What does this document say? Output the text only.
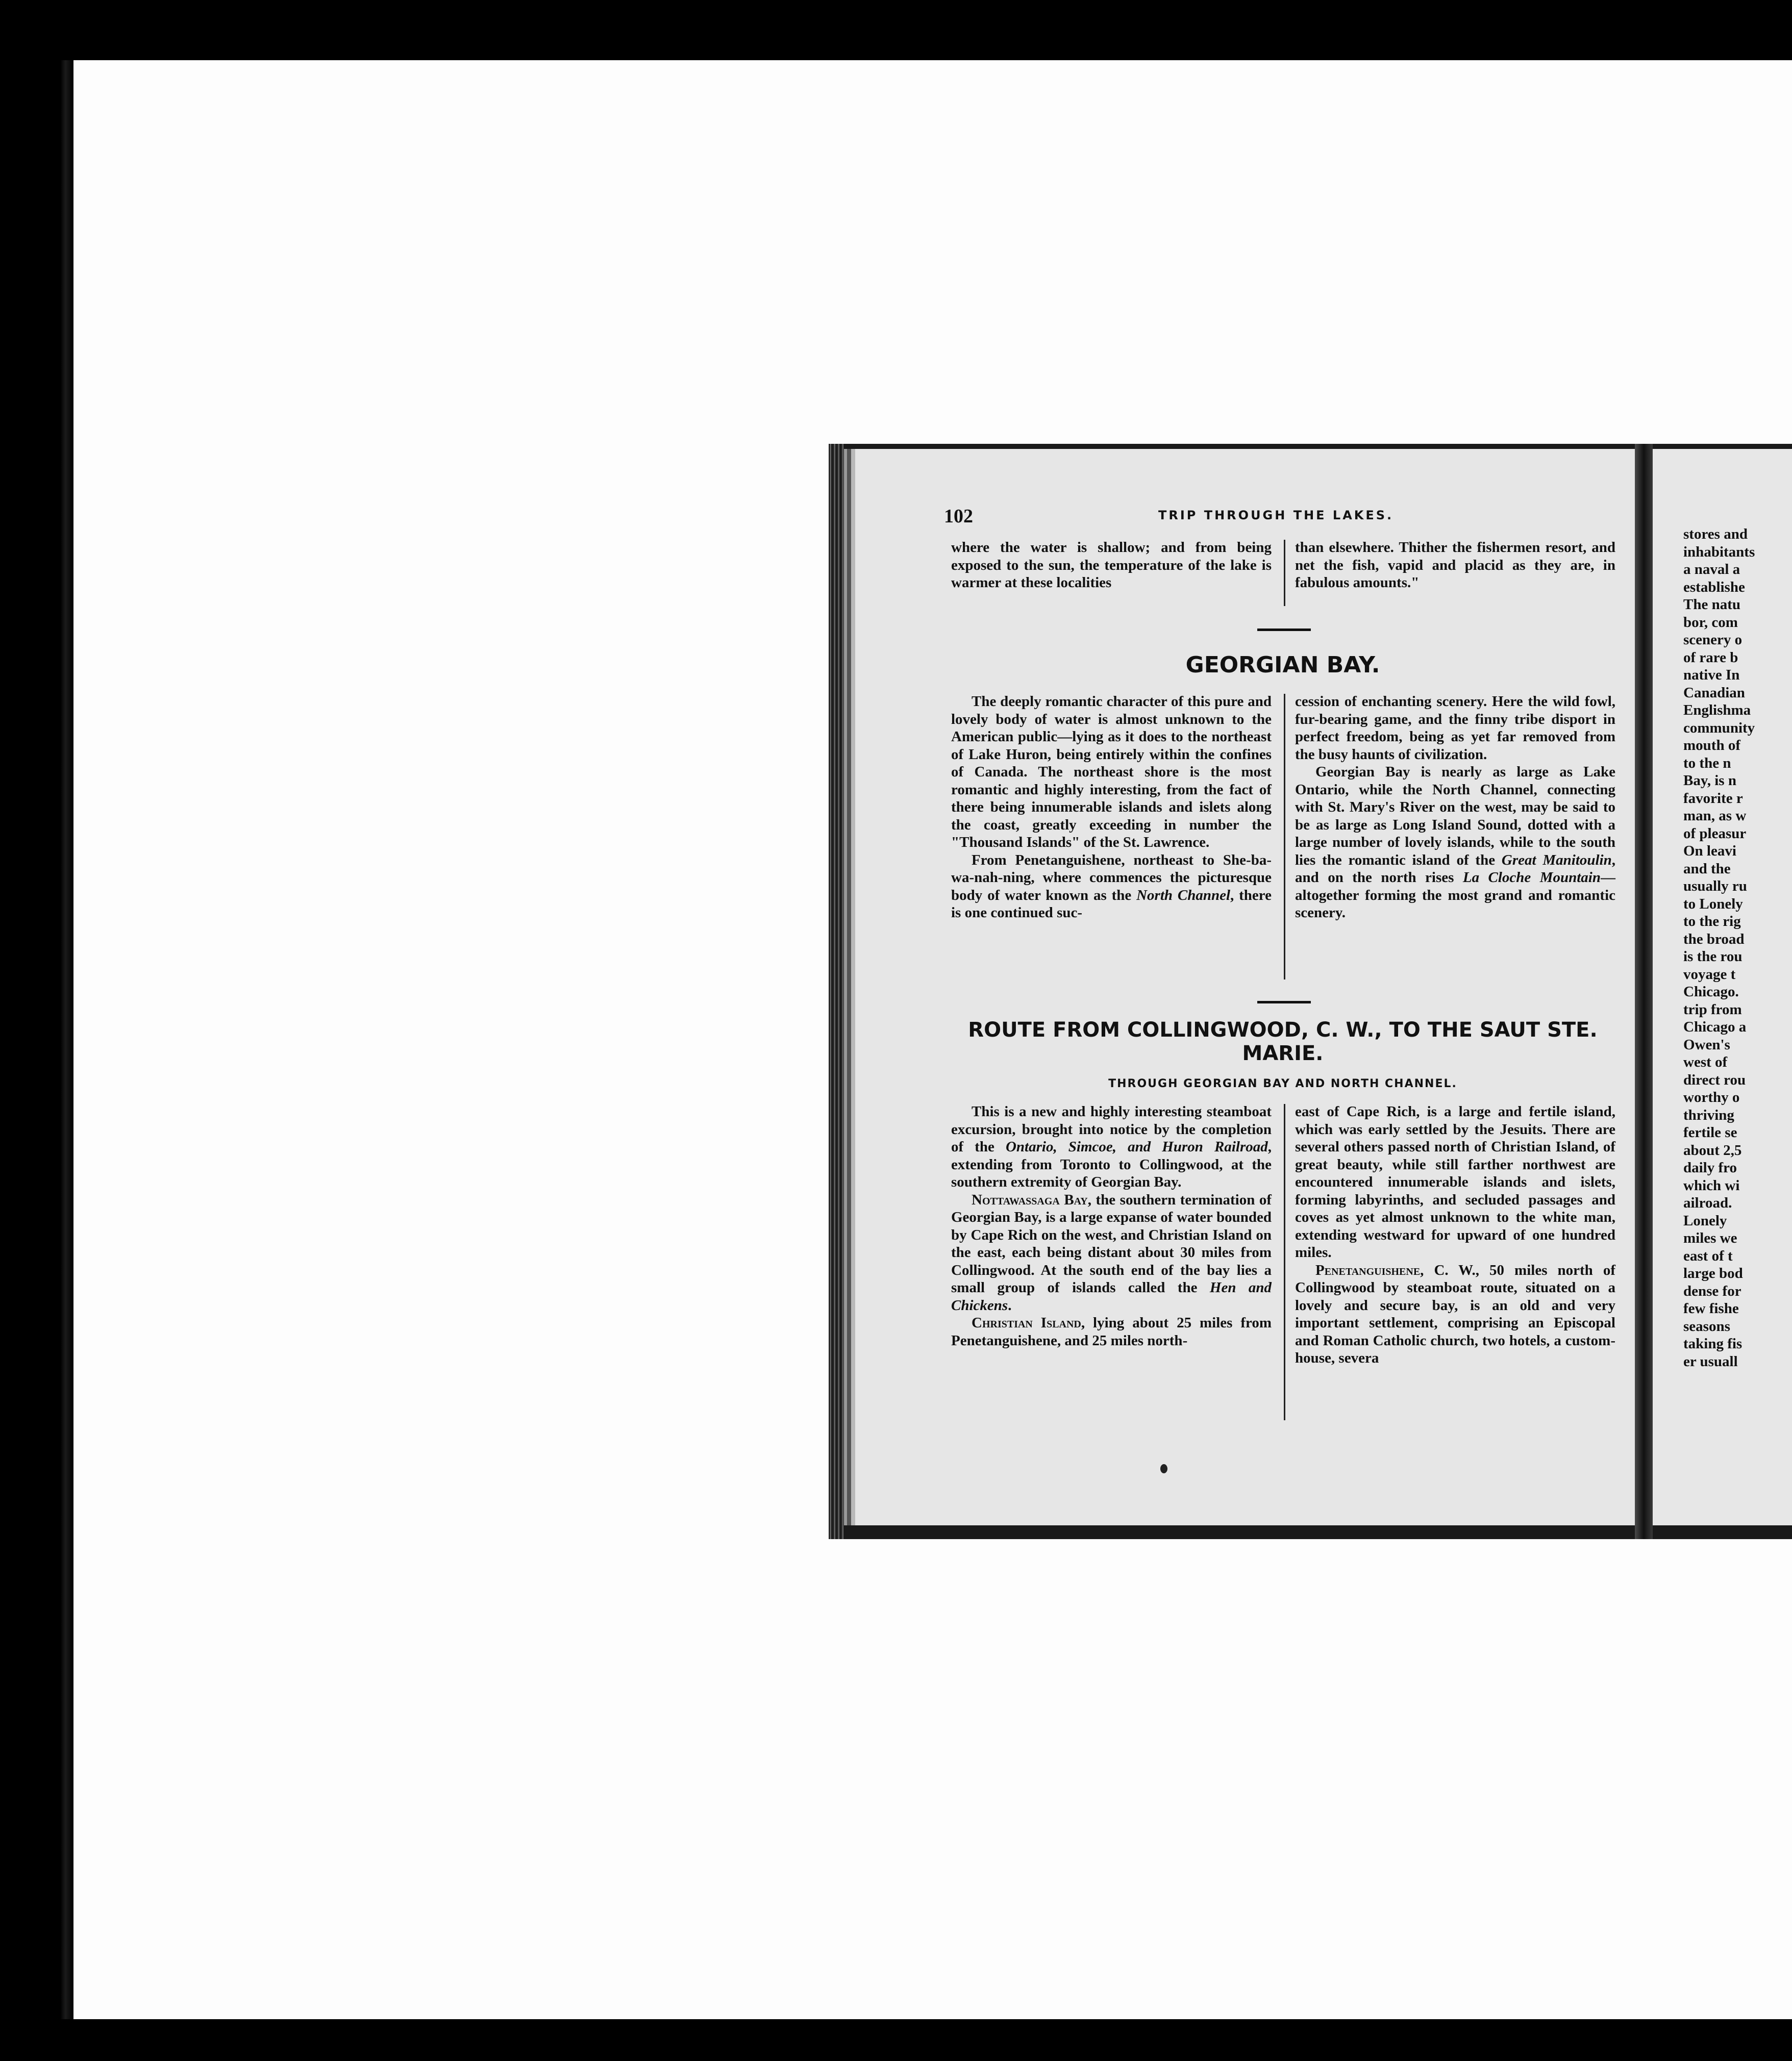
102	TRIP THROUGH THE LAKES.

where the water is shallow; and from being exposed to the sun, the temperature of the lake is warmer at these localities

than elsewhere. Thither the fishermen resort, and net the fish, vapid and placid as they are, in fabulous amounts."

GEORGIAN BAY.

The deeply romantic character of this pure and lovely body of water is almost unknown to the American public—lying as it does to the northeast of Lake Huron, being entirely within the confines of Canada. The northeast shore is the most romantic and highly interesting, from the fact of there being innumerable islands and islets along the coast, greatly exceeding in number the "Thousand Islands" of the St. Lawrence.

From Penetanguishene, northeast to She-ba-wa-nah-ning, where commences the picturesque body of water known as the North Channel, there is one continued suc-

cession of enchanting scenery. Here the wild fowl, fur-bearing game, and the finny tribe disport in perfect freedom, being as yet far removed from the busy haunts of civilization.

Georgian Bay is nearly as large as Lake Ontario, while the North Channel, connecting with St. Mary's River on the west, may be said to be as large as Long Island Sound, dotted with a large number of lovely islands, while to the south lies the romantic island of the Great Manitoulin, and on the north rises La Cloche Mountain—altogether forming the most grand and romantic scenery.

ROUTE FROM COLLINGWOOD, C. W., TO THE SAUT STE.
MARIE.
THROUGH GEORGIAN BAY AND NORTH CHANNEL.

This is a new and highly interesting steamboat excursion, brought into notice by the completion of the Ontario, Simcoe, and Huron Railroad, extending from Toronto to Collingwood, at the southern extremity of Georgian Bay.

Nottawassaga Bay, the southern termination of Georgian Bay, is a large expanse of water bounded by Cape Rich on the west, and Christian Island on the east, each being distant about 30 miles from Collingwood. At the south end of the bay lies a small group of islands called the Hen and Chickens.

Christian Island, lying about 25 miles from Penetanguishene, and 25 miles north-

east of Cape Rich, is a large and fertile island, which was early settled by the Jesuits. There are several others passed north of Christian Island, of great beauty, while still farther northwest are encountered innumerable islands and islets, forming labyrinths, and secluded passages and coves as yet almost unknown to the white man, extending westward for upward of one hundred miles.

Penetanguishene, C. W., 50 miles north of Collingwood by steamboat route, situated on a lovely and secure bay, is an old and very important settlement, comprising an Episcopal and Roman Catholic church, two hotels, a custom-house, severa

stores and
inhabitants
a naval a
establishe
The natu
bor, com
scenery o
of rare b
native In
Canadian
Englishma
community
mouth of
to the n
Bay, is n
favorite r
man, as w
of pleasur
On leavi
and the
usually ru
to Lonely
to the rig
the broad
is the rou
voyage t
Chicago.
trip from
Chicago a
Owen's
west of
direct rou
worthy o
thriving
fertile se
about 2,5
daily fro
which wi
ailroad.
Lonely
miles we
east of t
large bod
dense for
few fishe
seasons
taking fis
er usuall
